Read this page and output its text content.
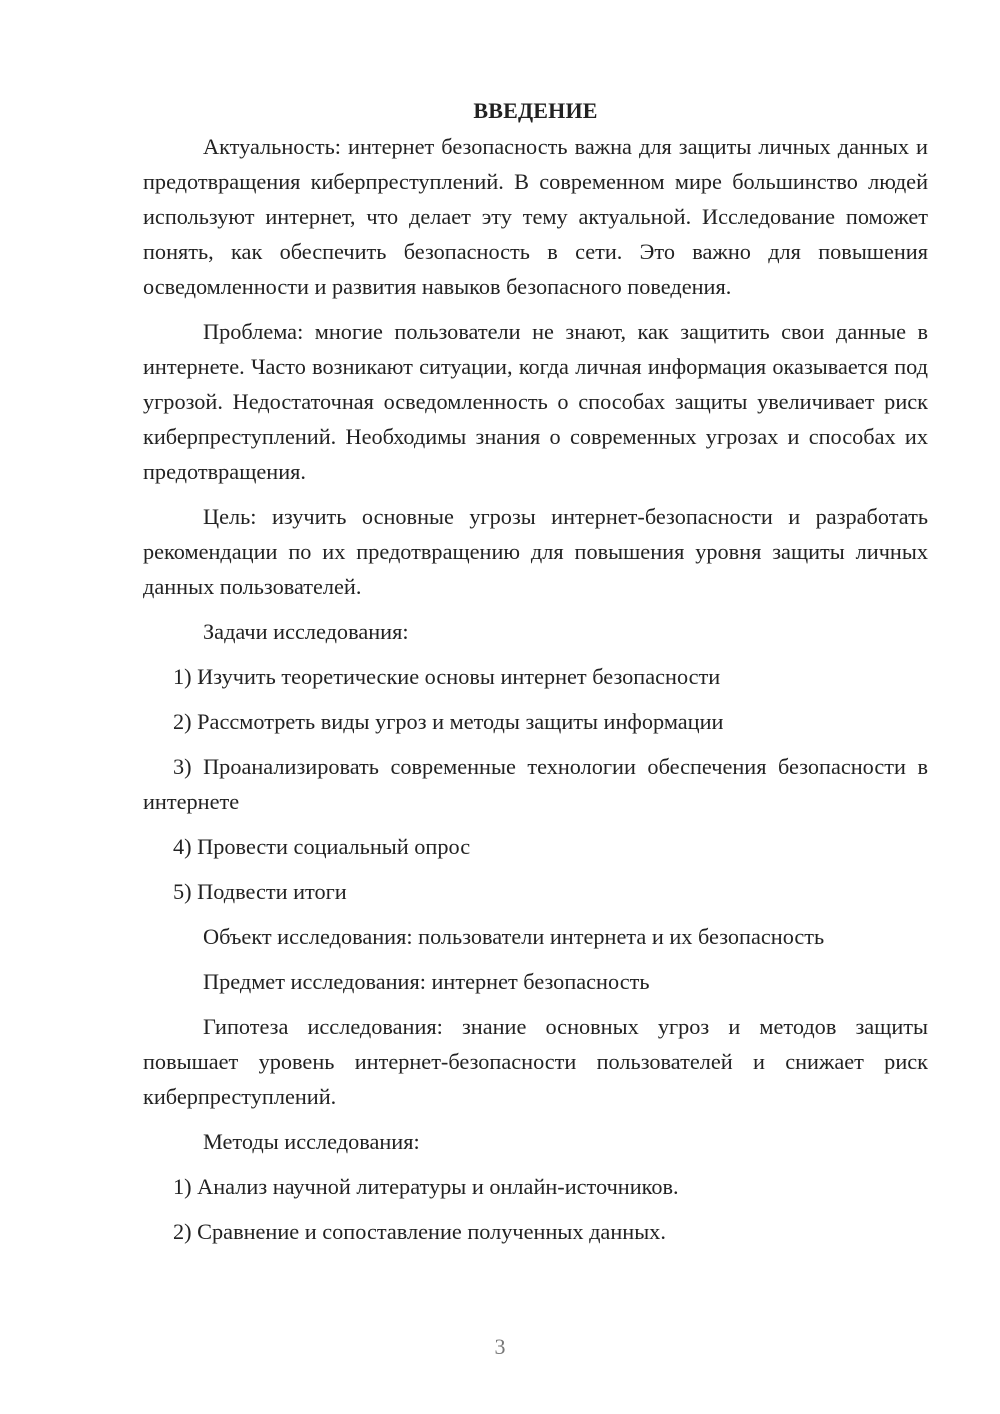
ВВЕДЕНИЕ

Актуальность: интернет безопасность важна для защиты личных данных и предотвращения киберпреступлений. В современном мире большинство людей используют интернет, что делает эту тему актуальной. Исследование поможет понять, как обеспечить безопасность в сети. Это важно для повышения осведомленности и развития навыков безопасного поведения.

Проблема: многие пользователи не знают, как защитить свои данные в интернете. Часто возникают ситуации, когда личная информация оказывается под угрозой. Недостаточная осведомленность о способах защиты увеличивает риск киберпреступлений. Необходимы знания о современных угрозах и способах их предотвращения.

Цель: изучить основные угрозы интернет-безопасности и разработать рекомендации по их предотвращению для повышения уровня защиты личных данных пользователей.

Задачи исследования:

1) Изучить теоретические основы интернет безопасности

2) Рассмотреть виды угроз и методы защиты информации

3) Проанализировать современные технологии обеспечения безопасности в интернете

4) Провести социальный опрос

5) Подвести итоги

Объект исследования: пользователи интернета и их безопасность

Предмет исследования: интернет безопасность

Гипотеза исследования: знание основных угроз и методов защиты повышает уровень интернет-безопасности пользователей и снижает риск киберпреступлений.

Методы исследования:

1) Анализ научной литературы и онлайн-источников.

2) Сравнение и сопоставление полученных данных.

3
